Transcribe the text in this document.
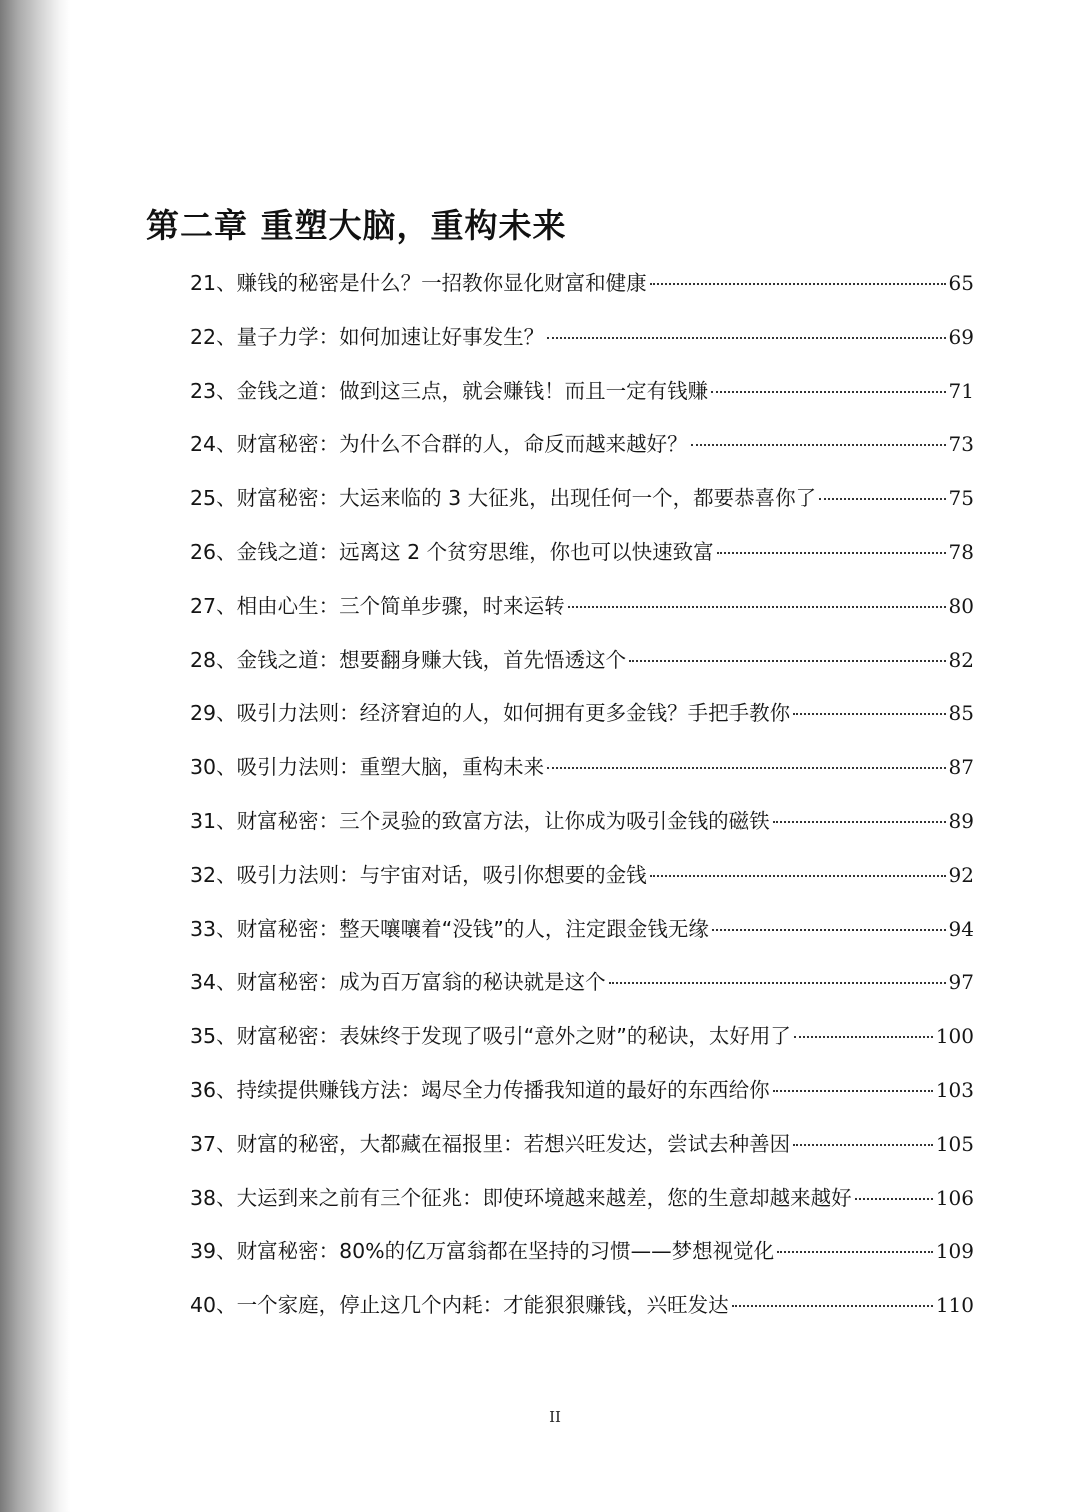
第二章 重塑大脑，重构未来
21、赚钱的秘密是什么？一招教你显化财富和健康	65
22、量子力学：如何加速让好事发生？	69
23、金钱之道：做到这三点，就会赚钱！而且一定有钱赚	71
24、财富秘密：为什么不合群的人，命反而越来越好？	73
25、财富秘密：大运来临的 3 大征兆，出现任何一个，都要恭喜你了	75
26、金钱之道：远离这 2 个贫穷思维，你也可以快速致富	78
27、相由心生：三个简单步骤，时来运转	80
28、金钱之道：想要翻身赚大钱，首先悟透这个	82
29、吸引力法则：经济窘迫的人，如何拥有更多金钱？手把手教你	85
30、吸引力法则：重塑大脑，重构未来	87
31、财富秘密：三个灵验的致富方法，让你成为吸引金钱的磁铁	89
32、吸引力法则：与宇宙对话，吸引你想要的金钱	92
33、财富秘密：整天嚷嚷着“没钱”的人，注定跟金钱无缘	94
34、财富秘密：成为百万富翁的秘诀就是这个	97
35、财富秘密：表妹终于发现了吸引“意外之财”的秘诀，太好用了	100
36、持续提供赚钱方法：竭尽全力传播我知道的最好的东西给你	103
37、财富的秘密，大都藏在福报里：若想兴旺发达，尝试去种善因	105
38、大运到来之前有三个征兆：即使环境越来越差，您的生意却越来越好	106
39、财富秘密：80%的亿万富翁都在坚持的习惯——梦想视觉化	109
40、一个家庭，停止这几个内耗：才能狠狠赚钱，兴旺发达	110
II
